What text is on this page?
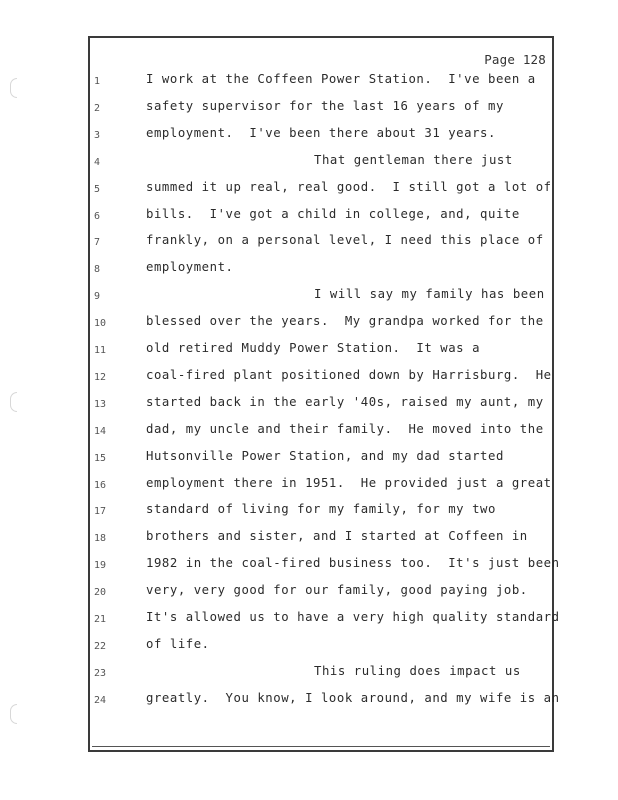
Page 128
1	I work at the Coffeen Power Station.  I've been a
2	safety supervisor for the last 16 years of my
3	employment.  I've been there about 31 years.
4	That gentleman there just
5	summed it up real, real good.  I still got a lot of
6	bills.  I've got a child in college, and, quite
7	frankly, on a personal level, I need this place of
8	employment.
9	I will say my family has been
10	blessed over the years.  My grandpa worked for the
11	old retired Muddy Power Station.  It was a
12	coal-fired plant positioned down by Harrisburg.  He
13	started back in the early '40s, raised my aunt, my
14	dad, my uncle and their family.  He moved into the
15	Hutsonville Power Station, and my dad started
16	employment there in 1951.  He provided just a great
17	standard of living for my family, for my two
18	brothers and sister, and I started at Coffeen in
19	1982 in the coal-fired business too.  It's just been
20	very, very good for our family, good paying job.
21	It's allowed us to have a very high quality standard
22	of life.
23	This ruling does impact us
24	greatly.  You know, I look around, and my wife is an
